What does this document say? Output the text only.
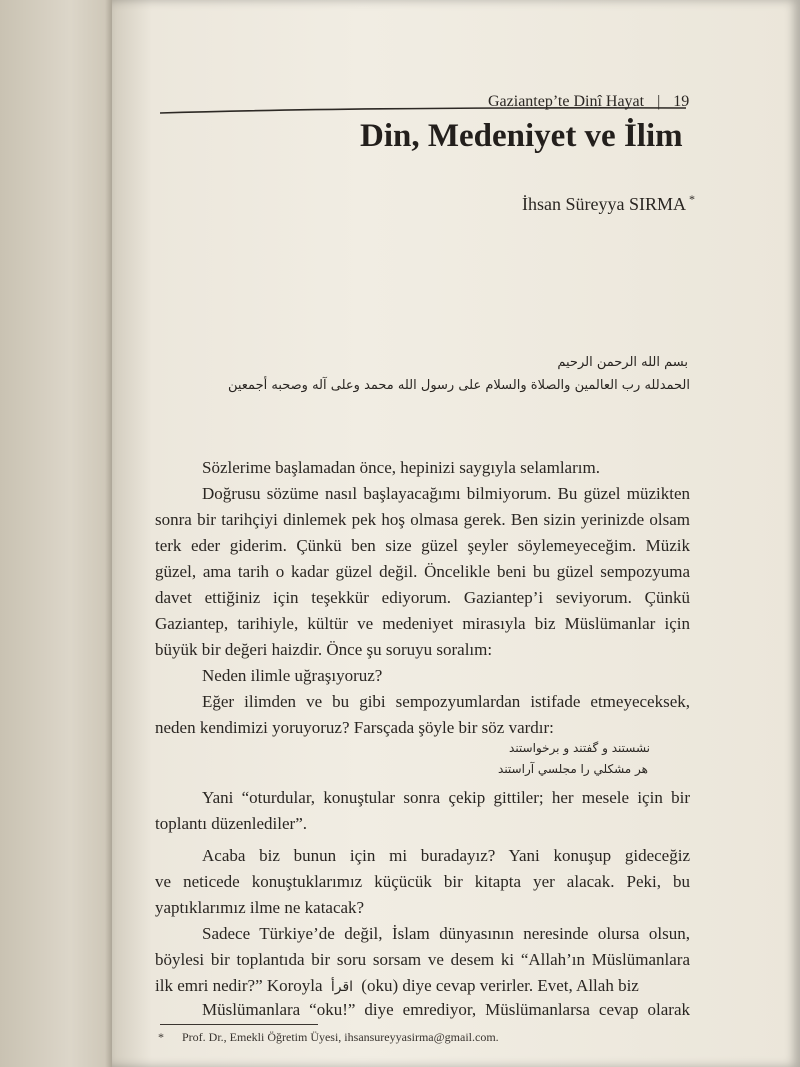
Gaziantep’te Dinî Hayat | 19
Din, Medeniyet ve İlim
İhsan Süreyya SIRMA *
بسم الله الرحمن الرحيم
الحمدلله رب العالمين والصلاة والسلام على رسول الله محمد وعلى آله وصحبه أجمعين
Sözlerime başlamadan önce, hepinizi saygıyla selamlarım.
Doğrusu sözüme nasıl başlayacağımı bilmiyorum. Bu güzel müzikten
sonra bir tarihçiyi dinlemek pek hoş olmasa gerek. Ben sizin yerinizde olsam
terk eder giderim. Çünkü ben size güzel şeyler söylemeyeceğim. Müzik
güzel, ama tarih o kadar güzel değil. Öncelikle beni bu güzel sempozyuma
davet ettiğiniz için teşekkür ediyorum. Gaziantep’i seviyorum. Çünkü
Gaziantep, tarihiyle, kültür ve medeniyet mirasıyla biz Müslümanlar için
büyük bir değeri haizdir. Önce şu soruyu soralım:
Neden ilimle uğraşıyoruz?
Eğer ilimden ve bu gibi sempozyumlardan istifade etmeyeceksek,
neden kendimizi yoruyoruz? Farsçada şöyle bir söz vardır:
نشستند و گفتند و برخواستند
هر مشكلي را مجلسي آراستند
Yani “oturdular, konuştular sonra çekip gittiler; her mesele için bir
toplantı düzenlediler”.
Acaba biz bunun için mi buradayız? Yani konuşup gideceğiz
ve neticede konuştuklarımız küçücük bir kitapta yer alacak. Peki, bu
yaptıklarımız ilme ne katacak?
Sadece Türkiye’de değil, İslam dünyasının neresinde olursa olsun,
böylesi bir toplantıda bir soru sorsam ve desem ki “Allah’ın Müslümanlara
ilk emri nedir?” Koroyla اقرأ (oku) diye cevap verirler. Evet, Allah biz
Müslümanlara “oku!” diye emrediyor, Müslümanlarsa cevap olarak
* Prof. Dr., Emekli Öğretim Üyesi, ihsansureyyasirma@gmail.com.
